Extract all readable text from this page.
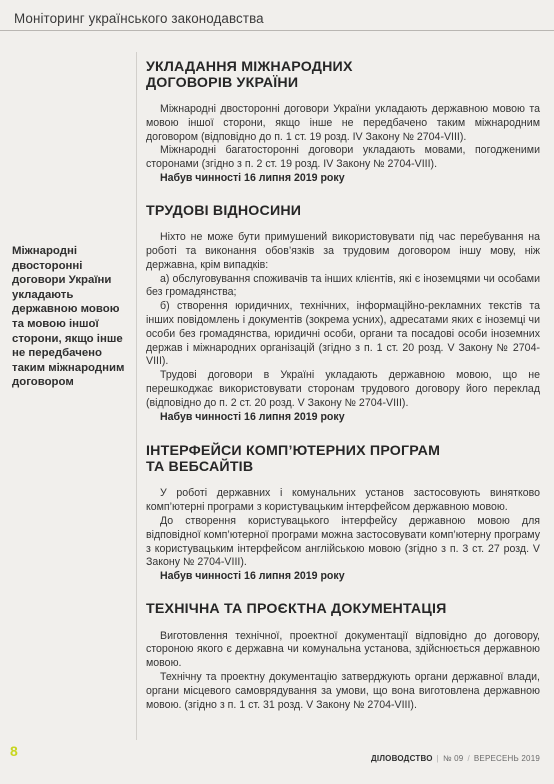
Моніторинг українського законодавства

Міжнародні двосторонні договори України укладають державною мовою та мовою іншої сторони, якщо інше не передбачено таким міжнародним договором

УКЛАДАННЯ МІЖНАРОДНИХ
ДОГОВОРІВ УКРАЇНИ

Міжнародні двосторонні договори України укладають державною мовою та мовою іншої сторони, якщо інше не передбачено таким міжнародним договором (відповідно до п. 1 ст. 19 розд. IV Закону № 2704-VIII).

Міжнародні багатосторонні договори укладають мовами, погодженими сторонами (згідно з п. 2 ст. 19 розд. IV Закону № 2704-VIII).

Набув чинності 16 липня 2019 року

ТРУДОВІ ВІДНОСИНИ

Ніхто не може бути примушений використовувати під час перебування на роботі та виконання обов’язків за трудовим договором іншу мову, ніж державна, крім випадків:

а) обслуговування споживачів та інших клієнтів, які є іноземцями чи особами без громадянства;

б) створення юридичних, технічних, інформаційно-рекламних текстів та інших повідомлень і документів (зокрема усних), адресатами яких є іноземці чи особи без громадянства, юридичні особи, органи та посадові особи іноземних держав і міжнародних організацій (згідно з п. 1 ст. 20 розд. V Закону № 2704-VIII).

Трудові договори в Україні укладають державною мовою, що не перешкоджає використовувати сторонам трудового договору його переклад (відповідно до п. 2 ст. 20 розд. V Закону № 2704-VIII).

Набув чинності 16 липня 2019 року

ІНТЕРФЕЙСИ КОМП’ЮТЕРНИХ ПРОГРАМ
ТА ВЕБСАЙТІВ

У роботі державних і комунальних установ застосовують винятково комп’ютерні програми з користувацьким інтерфейсом державною мовою.

До створення користувацького інтерфейсу державною мовою для відповідної комп’ютерної програми можна застосовувати комп’ютерну програму з користувацьким інтерфейсом англійською мовою (згідно з п. 3 ст. 27 розд. V Закону № 2704-VIII).

Набув чинності 16 липня 2019 року

ТЕХНІЧНА ТА ПРОЄКТНА ДОКУМЕНТАЦІЯ

Виготовлення технічної, проектної документації відповідно до договору, стороною якого є державна чи комунальна установа, здійснюється державною мовою.

Технічну та проектну документацію затверджують органи державної влади, органи місцевого самоврядування за умови, що вона виготовлена державною мовою. (згідно з п. 1 ст. 31 розд. V Закону № 2704-VIII).

8	ДІЛОВОДСТВО | № 09 / ВЕРЕСЕНЬ 2019
